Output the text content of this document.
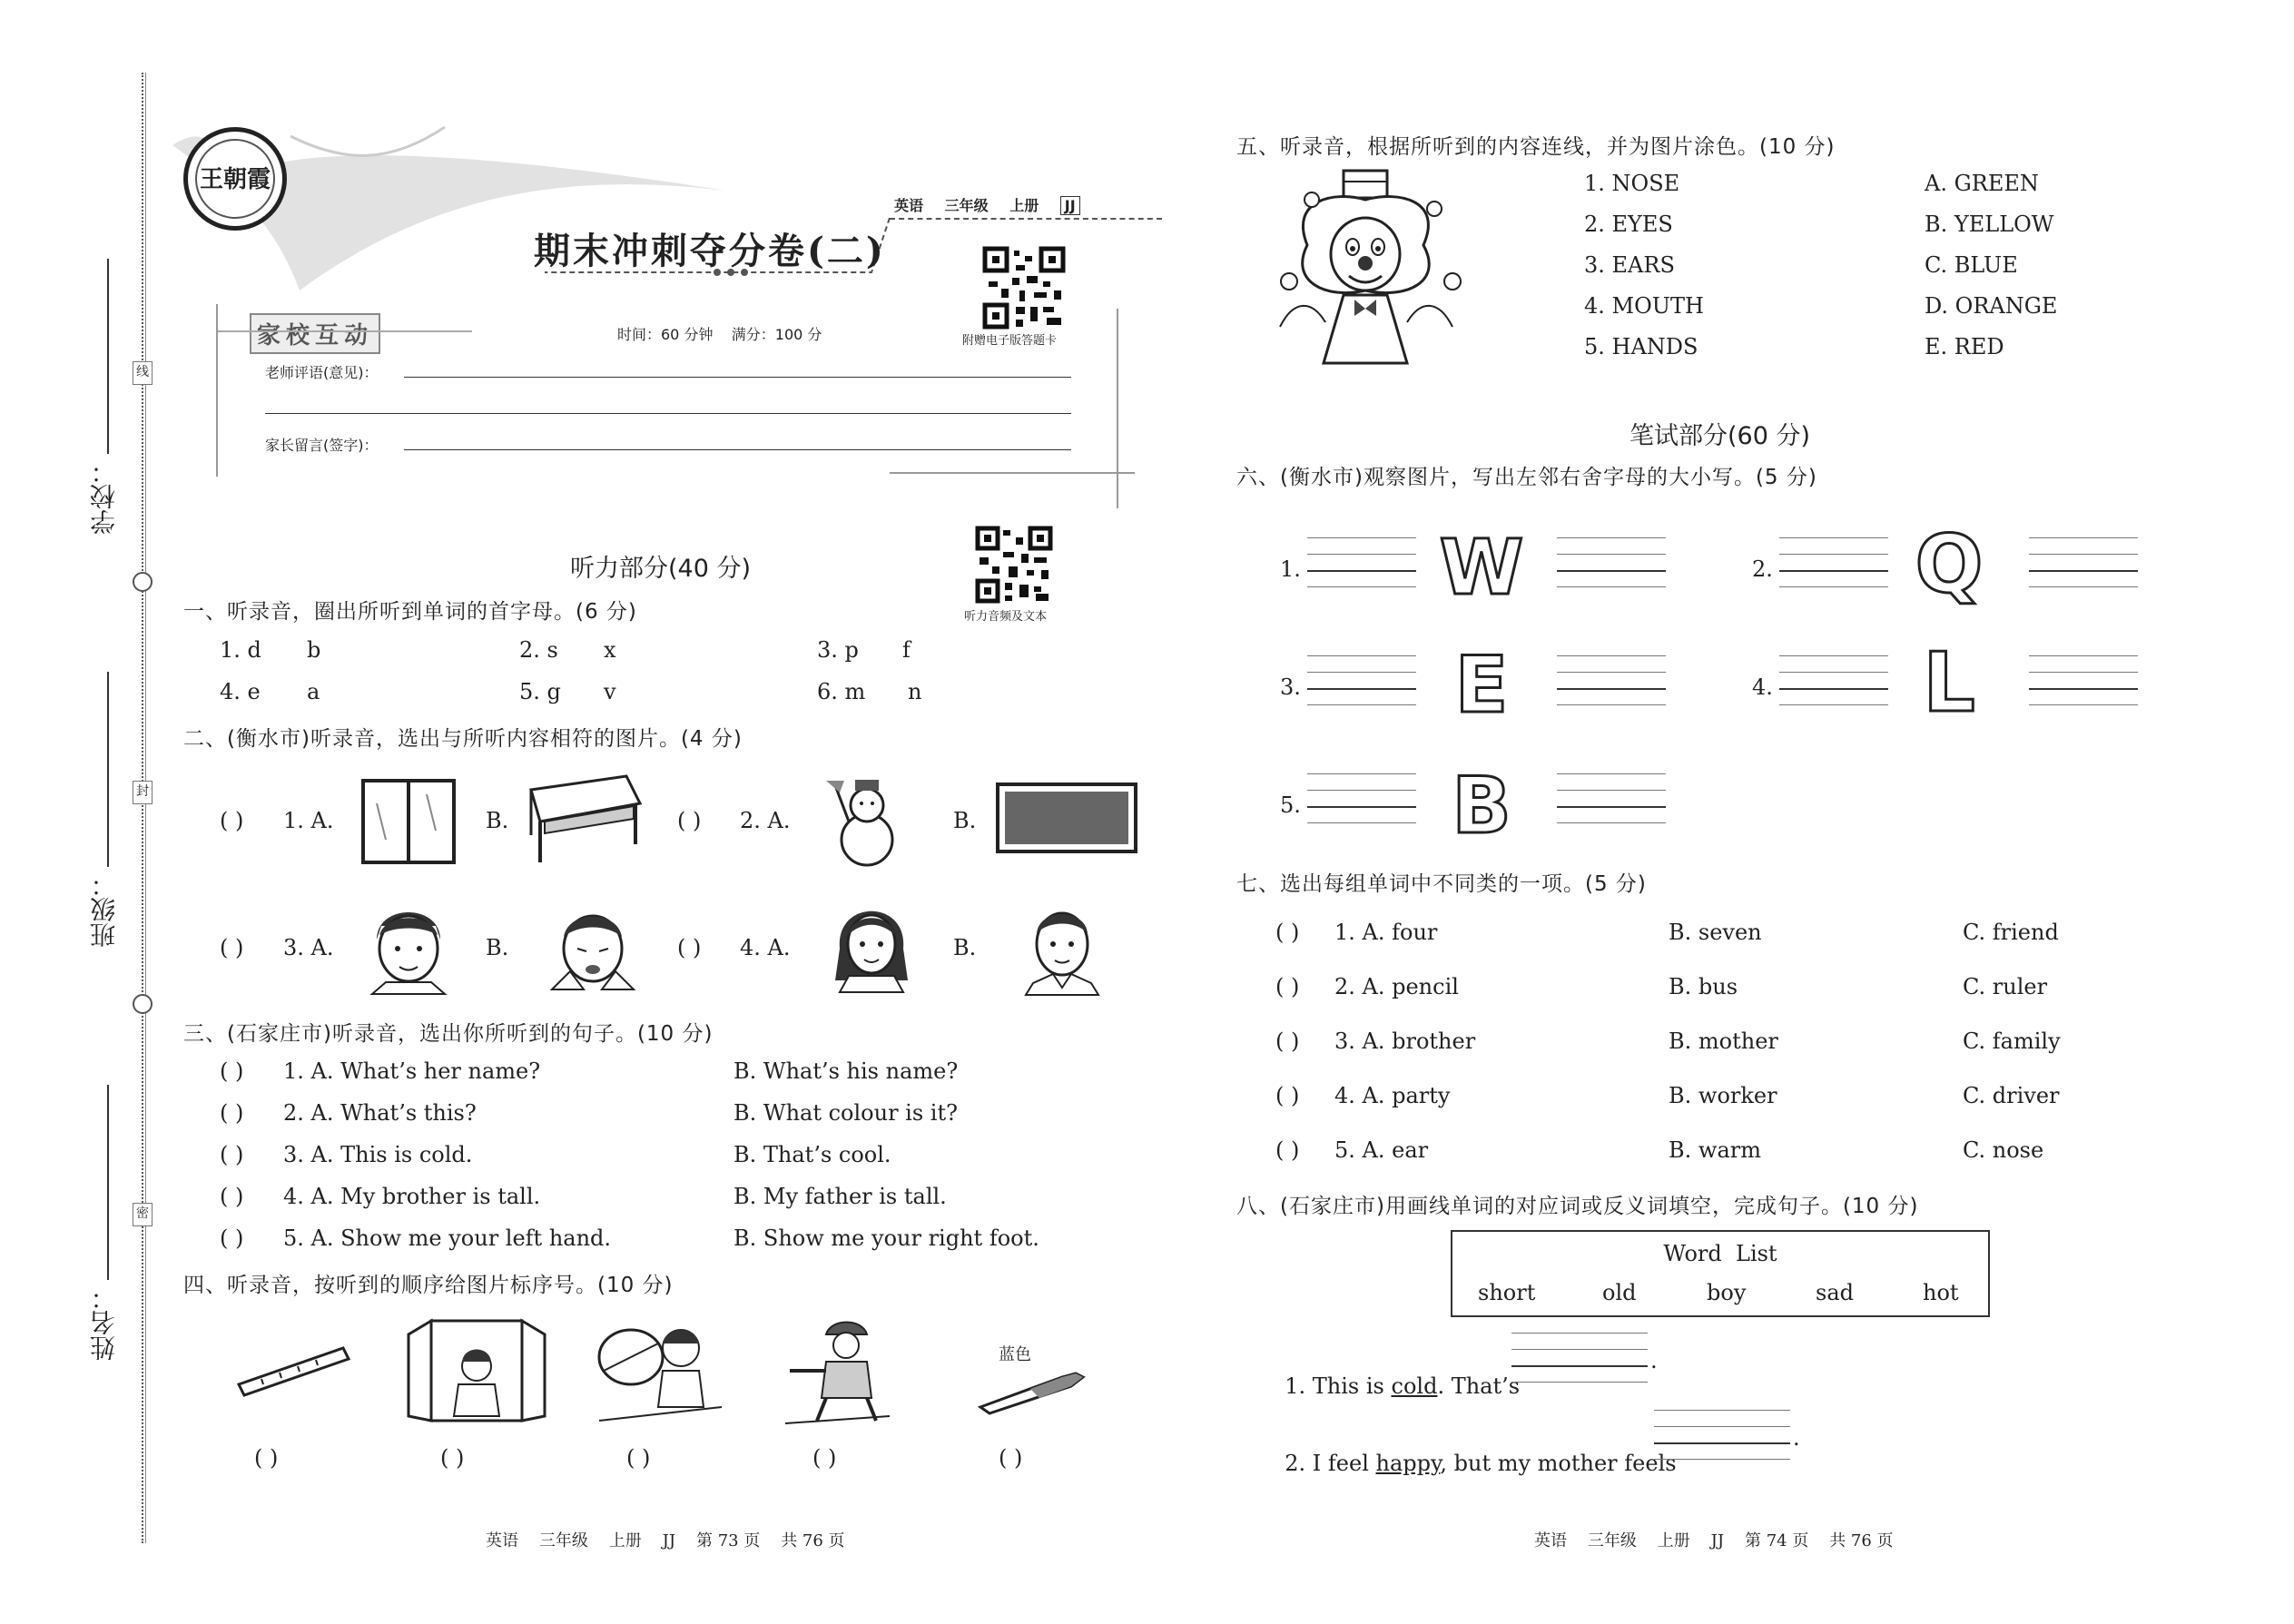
学校：
班级：
姓名：
线
封
密
王朝霞
英语 三年级 上册 JJ
期末冲刺夺分卷(二)
附赠电子版答题卡
家校互动	时间：60 分钟    满分：100 分
老师评语(意见)：
家长留言(签字)：
听力部分(40 分)
听力音频及文本
一、听录音，圈出所听到单词的首字母。(6 分)
1. d b	2. s x	3. p f
4. e a	5. g v	6. m n
二、(衡水市)听录音，选出与所听内容相符的图片。(4 分)
( ) 1. A.	B.	( ) 2. A.	B.
( ) 3. A.	B.	( ) 4. A.	B.
三、(石家庄市)听录音，选出你所听到的句子。(10 分)
( ) 1. A. What’s her name?	B. What’s his name?
( ) 2. A. What’s this?	B. What colour is it?
( ) 3. A. This is cold.	B. That’s cool.
( ) 4. A. My brother is tall.	B. My father is tall.
( ) 5. A. Show me your left hand.	B. Show me your right foot.
四、听录音，按听到的顺序给图片标序号。(10 分)
蓝色
( )	( )	( )	( )	( )
英语    三年级    上册    JJ    第 73 页    共 76 页
五、听录音，根据所听到的内容连线，并为图片涂色。(10 分)
1. NOSE
2. EYES
3. EARS
4. MOUTH
5. HANDS
A. GREEN
B. YELLOW
C. BLUE
D. ORANGE
E. RED
笔试部分(60 分)
六、(衡水市)观察图片，写出左邻右舍字母的大小写。(5 分)
1. W	2. Q
3. E	4. L
5. B
七、选出每组单词中不同类的一项。(5 分)
( ) 1. A. four	B. seven	C. friend
( ) 2. A. pencil	B. bus	C. ruler
( ) 3. A. brother	B. mother	C. family
( ) 4. A. party	B. worker	C. driver
( ) 5. A. ear	B. warm	C. nose
八、(石家庄市)用画线单词的对应词或反义词填空，完成句子。(10 分)
Word  List
short	old	boy	sad	hot

1. This is cold. That’s

.

2. I feel happy, but my mother feels

.
英语    三年级    上册    JJ    第 74 页    共 76 页
